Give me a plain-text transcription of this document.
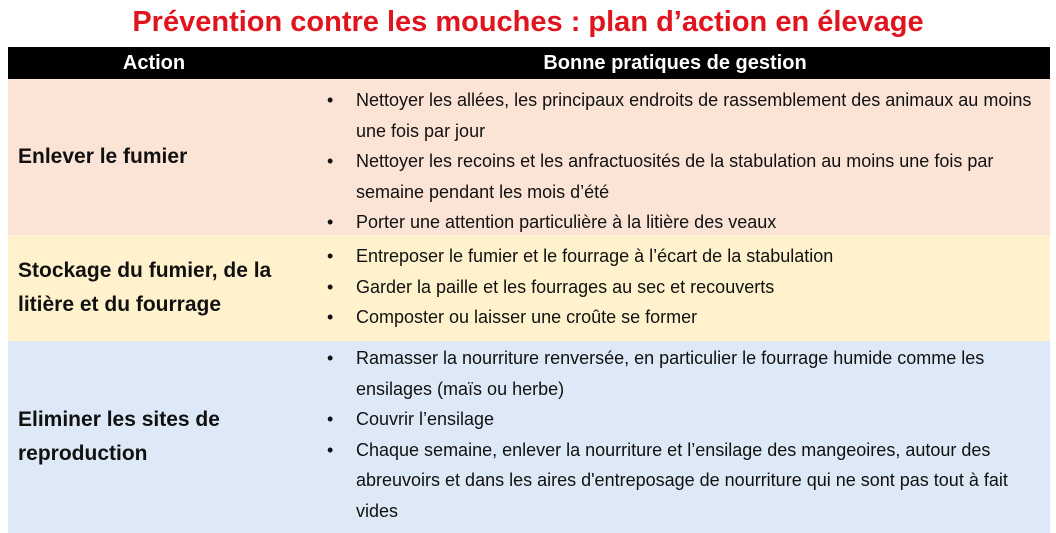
Prévention contre les mouches : plan d’action en élevage
Action	Bonne pratiques de gestion
Enlever le fumier
• Nettoyer les allées, les principaux endroits de rassemblement des animaux au moins une fois par jour
• Nettoyer les recoins et les anfractuosités de la stabulation au moins une fois par semaine pendant les mois d’été
• Porter une attention particulière à la litière des veaux
Stockage du fumier, de la litière et du fourrage
• Entreposer le fumier et le fourrage à l’écart de la stabulation
• Garder la paille et les fourrages au sec et recouverts
• Composter ou laisser une croûte se former
Eliminer les sites de reproduction
• Ramasser la nourriture renversée, en particulier le fourrage humide comme les ensilages (maïs ou herbe)
• Couvrir l’ensilage
• Chaque semaine, enlever la nourriture et l’ensilage des mangeoires, autour des abreuvoirs et dans les aires d'entreposage de nourriture qui ne sont pas tout à fait vides
